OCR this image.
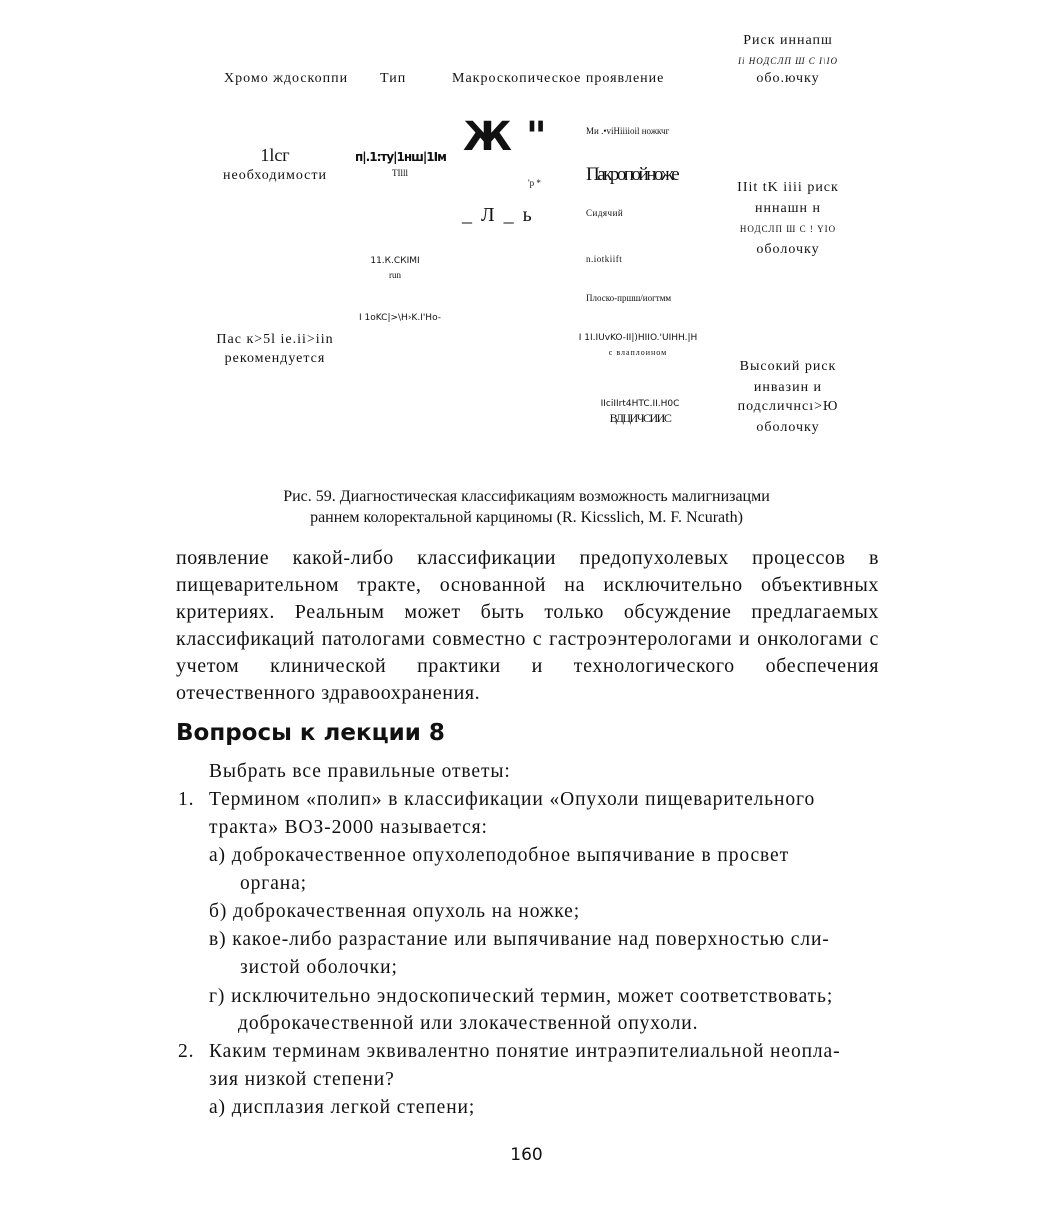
Хромо ждоскоппи Тип	Макроскопическое проявление
Риск иннапш
Ii НОДСЛП Ш С I\IO
обо.ючку
1lсг
необходимости
Пас к>5l ie.ii>iin
рекомендуется
п|.1:ту|1нш|1Iм
TIlll
11.К.СКIMI
run
I 1oKC|>\H›K.I'Ho-
Ж "
'р *
_ Л _ ь
Ми .•viHiiiioil ножкчг
Пaкрoпoйнoже
Сидячий
n.iotkiift
Плоско-пршш/иогтмм
I 1I.IUvKO-II|)HIIO.'UIHH.|H
с влаплоином
IIciIIrt4HTC.II.H0C
ВДЦИЧСИИС
IIit tK iiii риск
нннашн н
НОДСЛП Ш С ! YIO
оболочку
Высокий риск
инвазин и
подсличнсı>Ю
оболочку
Рис. 59. Диагностическая классификациям возможность малигнизацми
раннем колоректальной карциномы (R. Kicsslich, M. F. Ncurath)
появление какой-либо классификации предопухолевых процессов в пищеварительном тракте, основанной на исключительно объективных критериях. Реальным может быть только обсуждение предлагаемых классификаций патологами совместно с гастроэнтерологами и онкологами с учетом клинической практики и технологического обеспечения отечественного здравоохранения.
Вопросы к лекции 8
Выбрать все правильные ответы:
1. Термином «полип» в классификации «Опухоли пищеварительного
тракта» ВОЗ-2000 называется:
а) доброкачественное опухолеподобное выпячивание в просвет
органа;
б) доброкачественная опухоль на ножке;
в) какое-либо разрастание или выпячивание над поверхностью сли-
зистой оболочки;
г) исключительно эндоскопический термин, может соответствовать;
доброкачественной или злокачественной опухоли.
2. Каким терминам эквивалентно понятие интраэпителиальной неопла-
зия низкой степени?
а) дисплазия легкой степени;
160
